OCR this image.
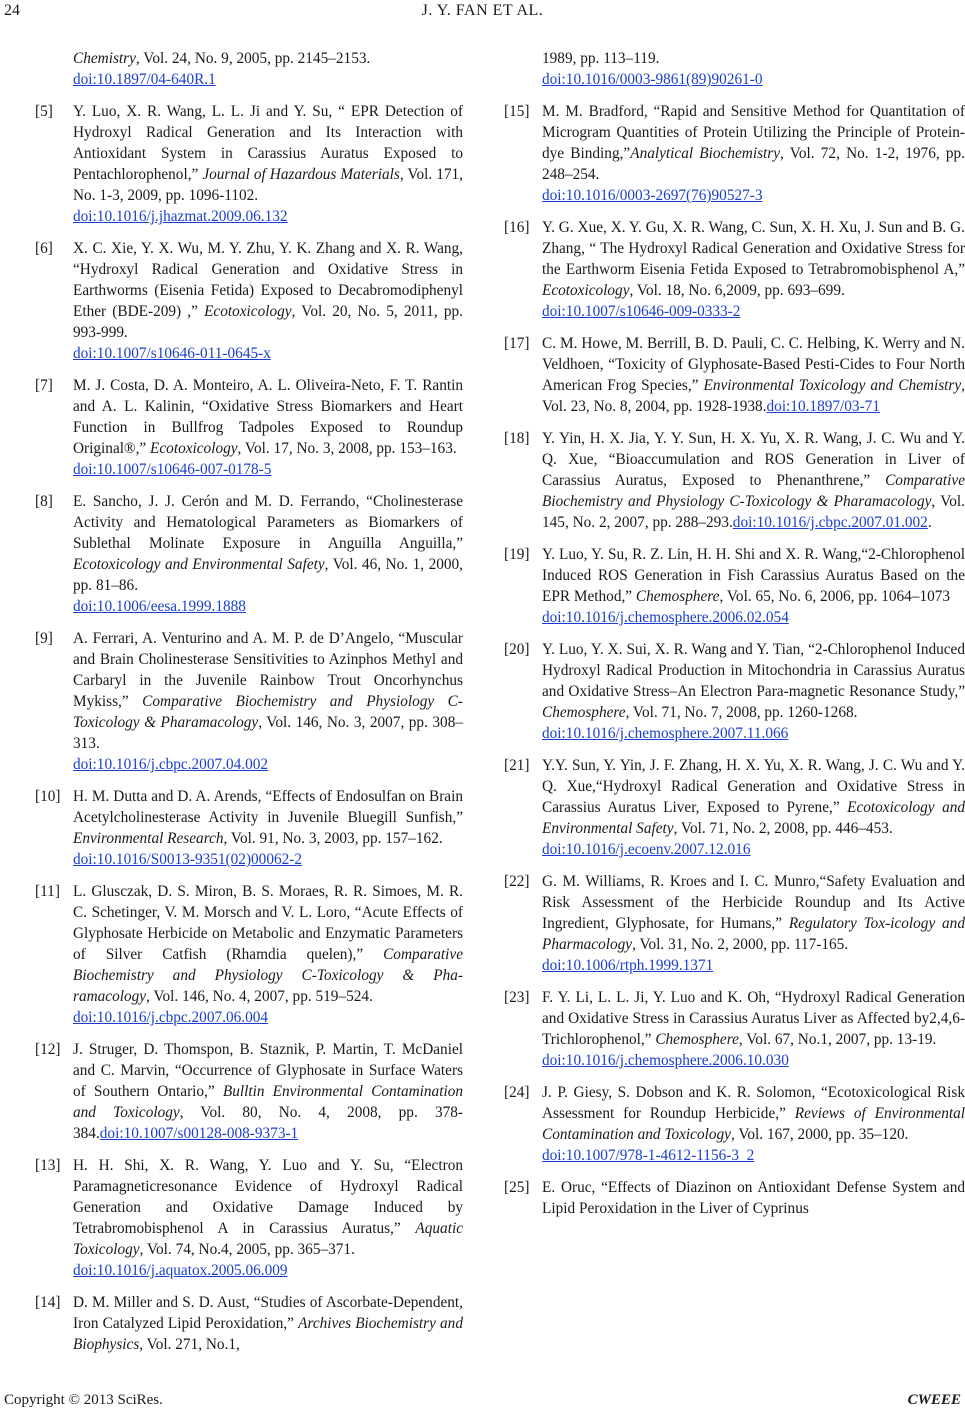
24	J. Y. FAN ET AL.
Chemistry, Vol. 24, No. 9, 2005, pp. 2145–2153.
doi:10.1897/04-640R.1
[5] Y. Luo, X. R. Wang, L. L. Ji and Y. Su, “ EPR Detection of Hydroxyl Radical Generation and Its Interaction with Antioxidant System in Carassius Auratus Exposed to Pentachlorophenol,” Journal of Hazardous Materials, Vol. 171, No. 1-3, 2009, pp. 1096-1102.
doi:10.1016/j.jhazmat.2009.06.132
[6] X. C. Xie, Y. X. Wu, M. Y. Zhu, Y. K. Zhang and X. R. Wang, “Hydroxyl Radical Generation and Oxidative Stress in Earthworms (Eisenia Fetida) Exposed to Decabromodiphenyl Ether (BDE-209) ,” Ecotoxicology, Vol. 20, No. 5, 2011, pp. 993-999.
doi:10.1007/s10646-011-0645-x
[7] M. J. Costa, D. A. Monteiro, A. L. Oliveira-Neto, F. T. Rantin and A. L. Kalinin, “Oxidative Stress Biomarkers and Heart Function in Bullfrog Tadpoles Exposed to Roundup Original®,” Ecotoxicology, Vol. 17, No. 3, 2008, pp. 153–163.
doi:10.1007/s10646-007-0178-5
[8] E. Sancho, J. J. Cerón and M. D. Ferrando, “Cholinesterase Activity and Hematological Parameters as Biomarkers of Sublethal Molinate Exposure in Anguilla Anguilla,” Ecotoxicology and Environmental Safety, Vol. 46, No. 1, 2000, pp. 81–86.
doi:10.1006/eesa.1999.1888
[9] A. Ferrari, A. Venturino and A. M. P. de D’Angelo, “Muscular and Brain Cholinesterase Sensitivities to Azinphos Methyl and Carbaryl in the Juvenile Rainbow Trout Oncorhynchus Mykiss,” Comparative Biochemistry and Physiology C-Toxicology & Pharamacology, Vol. 146, No. 3, 2007, pp. 308–313.
doi:10.1016/j.cbpc.2007.04.002
[10] H. M. Dutta and D. A. Arends, “Effects of Endosulfan on Brain Acetylcholinesterase Activity in Juvenile Bluegill Sunfish,” Environmental Research, Vol. 91, No. 3, 2003, pp. 157–162.
doi:10.1016/S0013-9351(02)00062-2
[11] L. Glusczak, D. S. Miron, B. S. Moraes, R. R. Simoes, M. R. C. Schetinger, V. M. Morsch and V. L. Loro, “Acute Effects of Glyphosate Herbicide on Metabolic and Enzymatic Parameters of Silver Catfish (Rhamdia quelen),” Comparative Biochemistry and Physiology C-Toxicology & Pha-ramacology, Vol. 146, No. 4, 2007, pp. 519–524.
doi:10.1016/j.cbpc.2007.06.004
[12] J. Struger, D. Thomspon, B. Staznik, P. Martin, T. McDaniel and C. Marvin, “Occurrence of Glyphosate in Surface Waters of Southern Ontario,” Bulltin Environmental Contamination and Toxicology, Vol. 80, No. 4, 2008, pp. 378-384.doi:10.1007/s00128-008-9373-1
[13] H. H. Shi, X. R. Wang, Y. Luo and Y. Su, “Electron Paramagneticresonance Evidence of Hydroxyl Radical Generation and Oxidative Damage Induced by Tetrabromobisphenol A in Carassius Auratus,” Aquatic Toxicology, Vol. 74, No.4, 2005, pp. 365–371.
doi:10.1016/j.aquatox.2005.06.009
[14] D. M. Miller and S. D. Aust, “Studies of Ascorbate-Dependent, Iron Catalyzed Lipid Peroxidation,” Archives Biochemistry and Biophysics, Vol. 271, No.1,
1989, pp. 113–119.
doi:10.1016/0003-9861(89)90261-0
[15] M. M. Bradford, “Rapid and Sensitive Method for Quantitation of Microgram Quantities of Protein Utilizing the Principle of Protein-dye Binding,”Analytical Biochemistry, Vol. 72, No. 1-2, 1976, pp. 248–254.
doi:10.1016/0003-2697(76)90527-3
[16] Y. G. Xue, X. Y. Gu, X. R. Wang, C. Sun, X. H. Xu, J. Sun and B. G. Zhang, “ The Hydroxyl Radical Generation and Oxidative Stress for the Earthworm Eisenia Fetida Exposed to Tetrabromobisphenol A,” Ecotoxicology, Vol. 18, No. 6,2009, pp. 693–699.
doi:10.1007/s10646-009-0333-2
[17] C. M. Howe, M. Berrill, B. D. Pauli, C. C. Helbing, K. Werry and N. Veldhoen, “Toxicity of Glyphosate-Based Pesti-Cides to Four North American Frog Species,” Environmental Toxicology and Chemistry, Vol. 23, No. 8, 2004, pp. 1928-1938.doi:10.1897/03-71
[18] Y. Yin, H. X. Jia, Y. Y. Sun, H. X. Yu, X. R. Wang, J. C. Wu and Y. Q. Xue, “Bioaccumulation and ROS Generation in Liver of Carassius Auratus, Exposed to Phenanthrene,” Comparative Biochemistry and Physiology C-Toxicology & Pharamacology, Vol. 145, No. 2, 2007, pp. 288–293.doi:10.1016/j.cbpc.2007.01.002.
[19] Y. Luo, Y. Su, R. Z. Lin, H. H. Shi and X. R. Wang,“2-Chlorophenol Induced ROS Generation in Fish Carassius Auratus Based on the EPR Method,” Chemosphere, Vol. 65, No. 6, 2006, pp. 1064–1073
doi:10.1016/j.chemosphere.2006.02.054
[20] Y. Luo, Y. X. Sui, X. R. Wang and Y. Tian, “2-Chlorophenol Induced Hydroxyl Radical Production in Mitochondria in Carassius Auratus and Oxidative Stress–An Electron Para-magnetic Resonance Study,” Chemosphere, Vol. 71, No. 7, 2008, pp. 1260-1268.
doi:10.1016/j.chemosphere.2007.11.066
[21] Y.Y. Sun, Y. Yin, J. F. Zhang, H. X. Yu, X. R. Wang, J. C. Wu and Y. Q. Xue,“Hydroxyl Radical Generation and Oxidative Stress in Carassius Auratus Liver, Exposed to Pyrene,” Ecotoxicology and Environmental Safety, Vol. 71, No. 2, 2008, pp. 446–453.
doi:10.1016/j.ecoenv.2007.12.016
[22] G. M. Williams, R. Kroes and I. C. Munro,“Safety Evaluation and Risk Assessment of the Herbicide Roundup and Its Active Ingredient, Glyphosate, for Humans,” Regulatory Tox-icology and Pharmacology, Vol. 31, No. 2, 2000, pp. 117-165.
doi:10.1006/rtph.1999.1371
[23] F. Y. Li, L. L. Ji, Y. Luo and K. Oh, “Hydroxyl Radical Generation and Oxidative Stress in Carassius Auratus Liver as Affected by2,4,6-Trichlorophenol,” Chemosphere, Vol. 67, No.1, 2007, pp. 13-19.
doi:10.1016/j.chemosphere.2006.10.030
[24] J. P. Giesy, S. Dobson and K. R. Solomon, “Ecotoxicological Risk Assessment for Roundup Herbicide,” Reviews of Environmental Contamination and Toxicology, Vol. 167, 2000, pp. 35–120.
doi:10.1007/978-1-4612-1156-3_2
[25] E. Oruc, “Effects of Diazinon on Antioxidant Defense System and Lipid Peroxidation in the Liver of Cyprinus
Copyright © 2013 SciRes.	CWEEE
